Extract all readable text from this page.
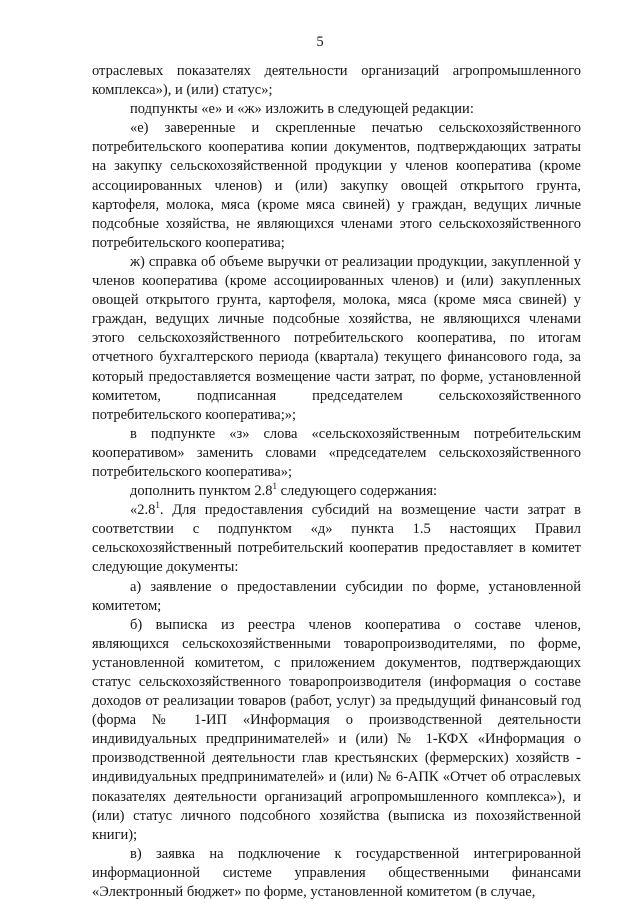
5

отраслевых показателях деятельности организаций агропромышленного комплекса»), и (или) статус»;

подпункты «е» и «ж» изложить в следующей редакции:

«е) заверенные и скрепленные печатью сельскохозяйственного потребительского кооператива копии документов, подтверждающих затраты на закупку сельскохозяйственной продукции у членов кооператива (кроме ассоциированных членов) и (или) закупку овощей открытого грунта, картофеля, молока, мяса (кроме мяса свиней) у граждан, ведущих личные подсобные хозяйства, не являющихся членами этого сельскохозяйственного потребительского кооператива;

ж) справка об объеме выручки от реализации продукции, закупленной у членов кооператива (кроме ассоциированных членов) и (или) закупленных овощей открытого грунта, картофеля, молока, мяса (кроме мяса свиней) у граждан, ведущих личные подсобные хозяйства, не являющихся членами этого сельскохозяйственного потребительского кооператива, по итогам отчетного бухгалтерского периода (квартала) текущего финансового года, за который предоставляется возмещение части затрат, по форме, установленной комитетом, подписанная председателем сельскохозяйственного потребительского кооператива;»;

в подпункте «з» слова «сельскохозяйственным потребительским кооперативом» заменить словами «председателем сельскохозяйственного потребительского кооператива»;

дополнить пунктом $2.8^1$ следующего содержания:

«$2.8^1$. Для предоставления субсидий на возмещение части затрат в соответствии с подпунктом «д» пункта 1.5 настоящих Правил сельскохозяйственный потребительский кооператив предоставляет в комитет следующие документы:

а) заявление о предоставлении субсидии по форме, установленной комитетом;

б) выписка из реестра членов кооператива о составе членов, являющихся сельскохозяйственными товаропроизводителями, по форме, установленной комитетом, с приложением документов, подтверждающих статус сельскохозяйственного товаропроизводителя (информация о составе доходов от реализации товаров (работ, услуг) за предыдущий финансовый год (форма № 1-ИП «Информация о производственной деятельности индивидуальных предпринимателей» и (или) № 1-КФХ «Информация о производственной деятельности глав крестьянских (фермерских) хозяйств - индивидуальных предпринимателей» и (или) № 6-АПК «Отчет об отраслевых показателях деятельности организаций агропромышленного комплекса»), и (или) статус личного подсобного хозяйства (выписка из похозяйственной книги);

в) заявка на подключение к государственной интегрированной информационной системе управления общественными финансами «Электронный бюджет» по форме, установленной комитетом (в случае,
